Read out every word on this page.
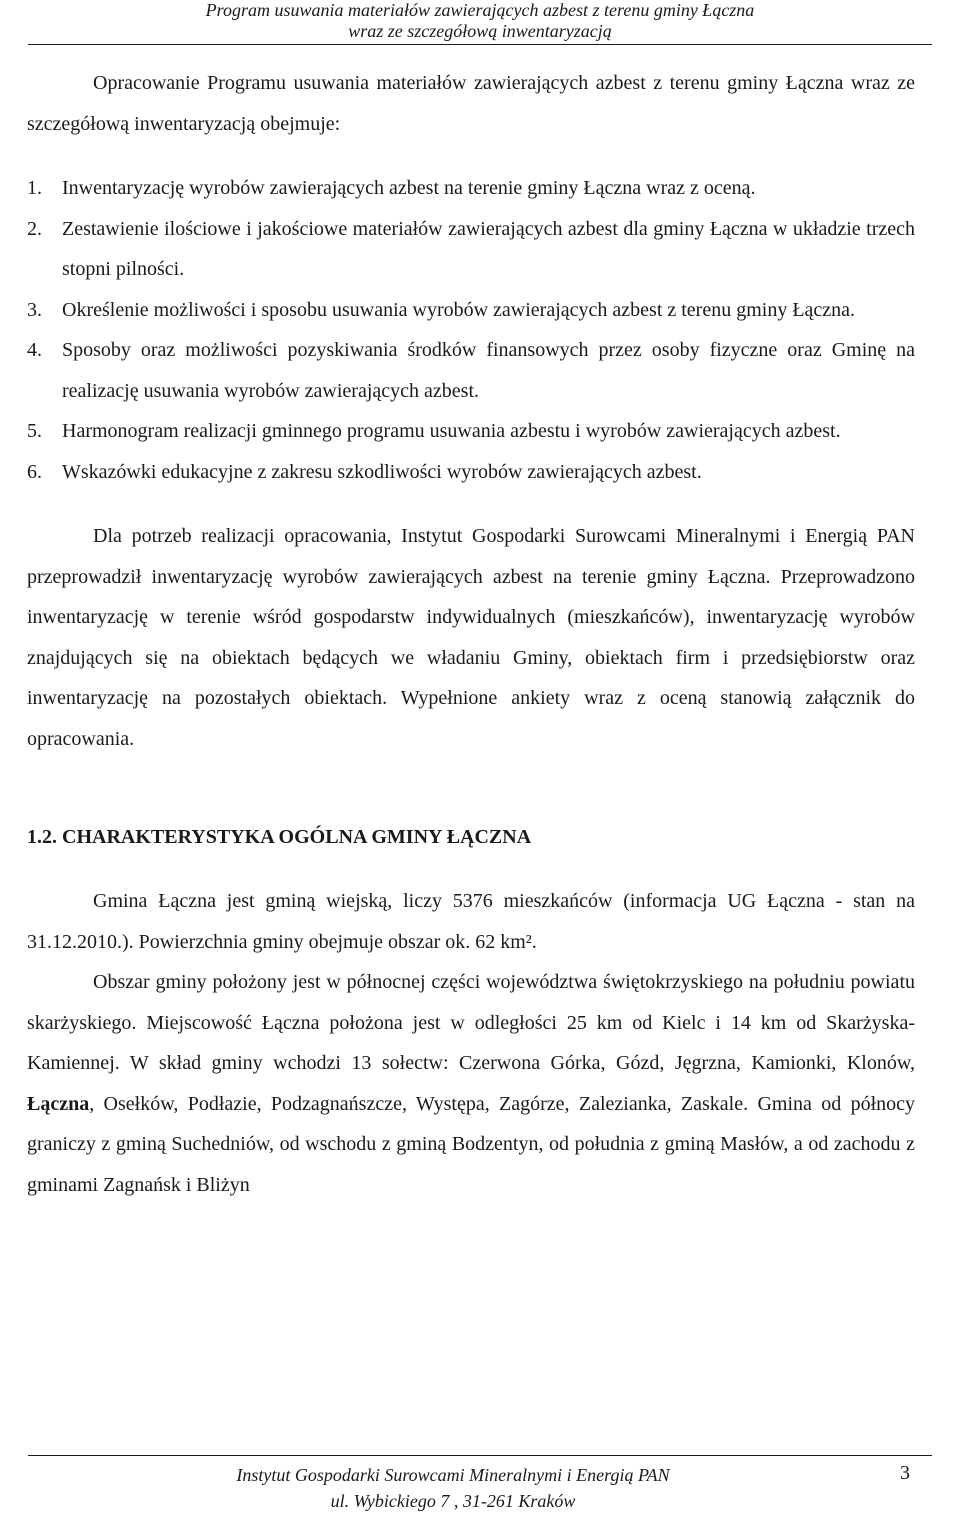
Program usuwania materiałów zawierających azbest z terenu gminy Łączna
wraz ze szczegółową inwentaryzacją

Opracowanie Programu usuwania materiałów zawierających azbest z terenu gminy Łączna wraz ze szczegółową inwentaryzacją obejmuje:

1. Inwentaryzację wyrobów zawierających azbest na terenie gminy Łączna wraz z oceną.
2. Zestawienie ilościowe i jakościowe materiałów zawierających azbest dla gminy Łączna w układzie trzech stopni pilności.
3. Określenie możliwości i sposobu usuwania wyrobów zawierających azbest z terenu gminy Łączna.
4. Sposoby oraz możliwości pozyskiwania środków finansowych przez osoby fizyczne oraz Gminę na realizację usuwania wyrobów zawierających azbest.
5. Harmonogram realizacji gminnego programu usuwania azbestu i wyrobów zawierających azbest.
6. Wskazówki edukacyjne z zakresu szkodliwości wyrobów zawierających azbest.

Dla potrzeb realizacji opracowania, Instytut Gospodarki Surowcami Mineralnymi i Energią PAN przeprowadził inwentaryzację wyrobów zawierających azbest na terenie gminy Łączna. Przeprowadzono inwentaryzację w terenie wśród gospodarstw indywidualnych (mieszkańców), inwentaryzację wyrobów znajdujących się na obiektach będących we władaniu Gminy, obiektach firm i przedsiębiorstw oraz inwentaryzację na pozostałych obiektach. Wypełnione ankiety wraz z oceną stanowią załącznik do opracowania.

1.2. CHARAKTERYSTYKA OGÓLNA GMINY ŁĄCZNA

Gmina Łączna jest gminą wiejską, liczy 5376 mieszkańców (informacja UG Łączna - stan na 31.12.2010.). Powierzchnia gminy obejmuje obszar ok. 62 km².

Obszar gminy położony jest w północnej części województwa świętokrzyskiego na południu powiatu skarżyskiego. Miejscowość Łączna położona jest w odległości 25 km od Kielc i 14 km od Skarżyska-Kamiennej. W skład gminy wchodzi 13 sołectw: Czerwona Górka, Gózd, Jęgrzna, Kamionki, Klonów, Łączna, Osełków, Podłazie, Podzagnańszcze, Występa, Zagórze, Zalezianka, Zaskale. Gmina od północy graniczy z gminą Suchedniów, od wschodu z gminą Bodzentyn, od południa z gminą Masłów, a od zachodu z gminami Zagnańsk i Bliżyn

Instytut Gospodarki Surowcami Mineralnymi i Energią PAN
ul. Wybickiego 7 , 31-261 Kraków
3
